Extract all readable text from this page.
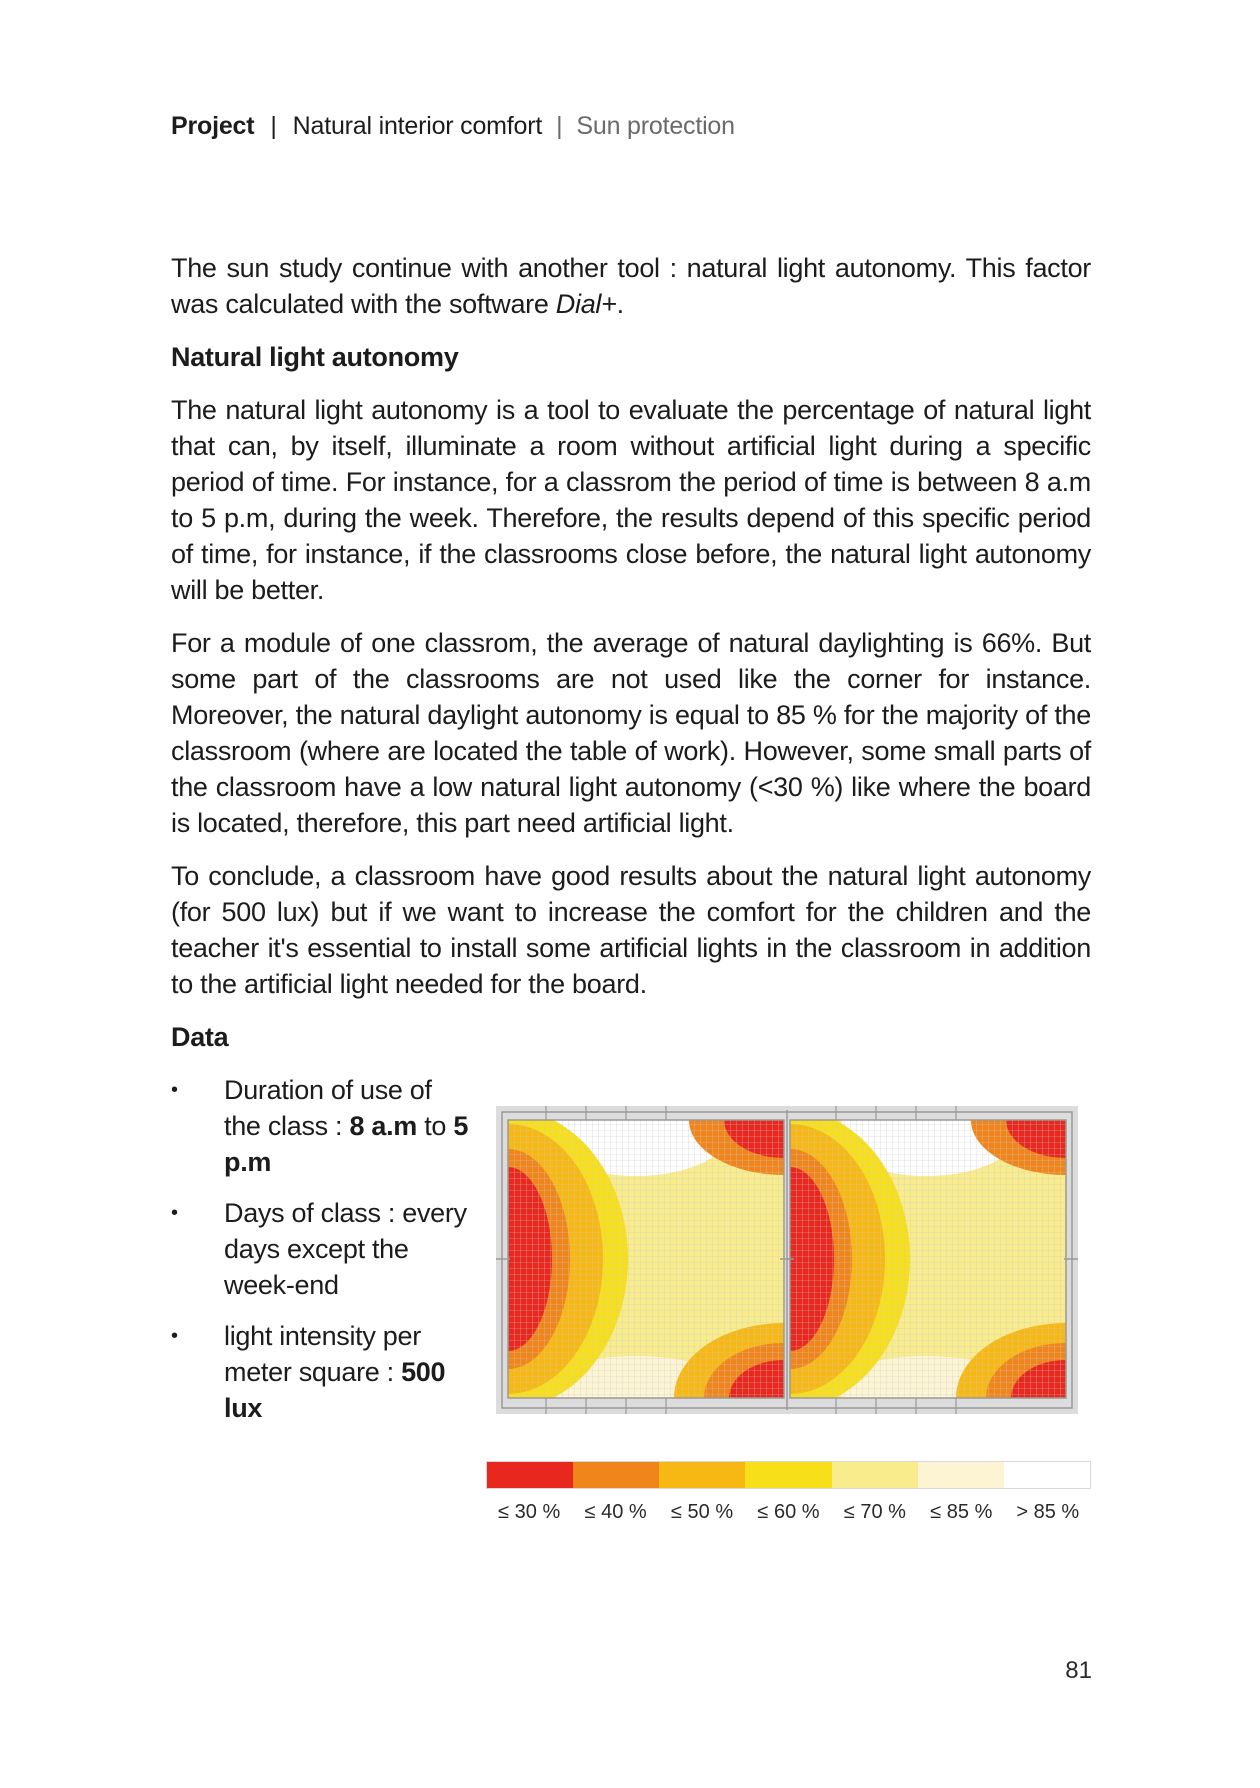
Project | Natural interior comfort | Sun protection

The sun study continue with another tool : natural light autonomy. This factor was calculated with the software Dial+.

Natural light autonomy

The natural light autonomy is a tool to evaluate the percentage of natural light that can, by itself, illuminate a room without artificial light during a specific period of time. For instance, for a classrom the period of time is between 8 a.m to 5 p.m, during the week. Therefore, the results depend of this specific period of time, for instance, if the classrooms close before, the natural light autonomy will be better.

For a module of one classrom, the average of natural daylighting is 66%. But some part of the classrooms are not used like the corner for instance. Moreover, the natural daylight autonomy is equal to 85 % for the majority of the classroom (where are located the table of work). However, some small parts of the classroom have a low natural light autonomy (<30 %) like where the board is located, therefore, this part need artificial light.

To conclude, a classroom have good results about the natural light autonomy (for 500 lux) but if we want to increase the comfort for the children and the teacher it's essential to install some artificial lights in the classroom in addition to the artificial light needed for the board.

Data
• Duration of use of the class : 8 a.m to 5 p.m
• Days of class : every days except the week-end
• light intensity per meter square : 500 lux
≤ 30 %	≤ 40 %	≤ 50 %	≤ 60 %	≤ 70 %	≤ 85 %	> 85 %
81
